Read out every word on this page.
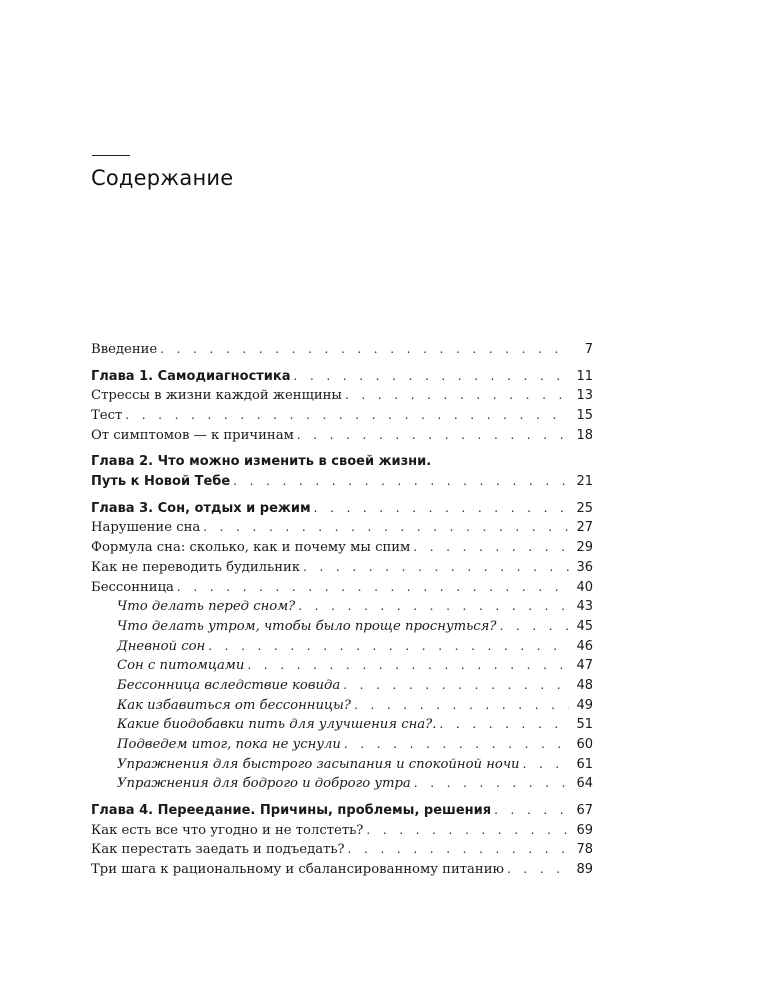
Содержание
Введение . . .	7
Глава 1. Самодиагностика . . .	11
Стрессы в жизни каждой женщины . . .	13
Тест . . .	15
От симптомов — к причинам . . .	18
Глава 2. Что можно изменить в своей жизни.
Путь к Новой Тебе . . .	21
Глава 3. Сон, отдых и режим . . .	25
Нарушение сна . . .	27
Формула сна: сколько, как и почему мы спим . . .	29
Как не переводить будильник . . .	36
Бессонница . . .	40
Что делать перед сном? . . .	43
Что делать утром, чтобы было проще проснуться? . . .	45
Дневной сон . . .	46
Сон с питомцами . . .	47
Бессонница вследствие ковида . . .	48
Как избавиться от бессонницы? . . .	49
Какие биодобавки пить для улучшения сна?. . . .	51
Подведем итог, пока не уснули . . .	60
Упражнения для быстрого засыпания и спокойной ночи . . .	61
Упражнения для бодрого и доброго утра . . .	64
Глава 4. Переедание. Причины, проблемы, решения . . .	67
Как есть все что угодно и не толстеть? . . .	69
Как перестать заедать и подъедать? . . .	78
Три шага к рациональному и сбалансированному питанию . . .	89
